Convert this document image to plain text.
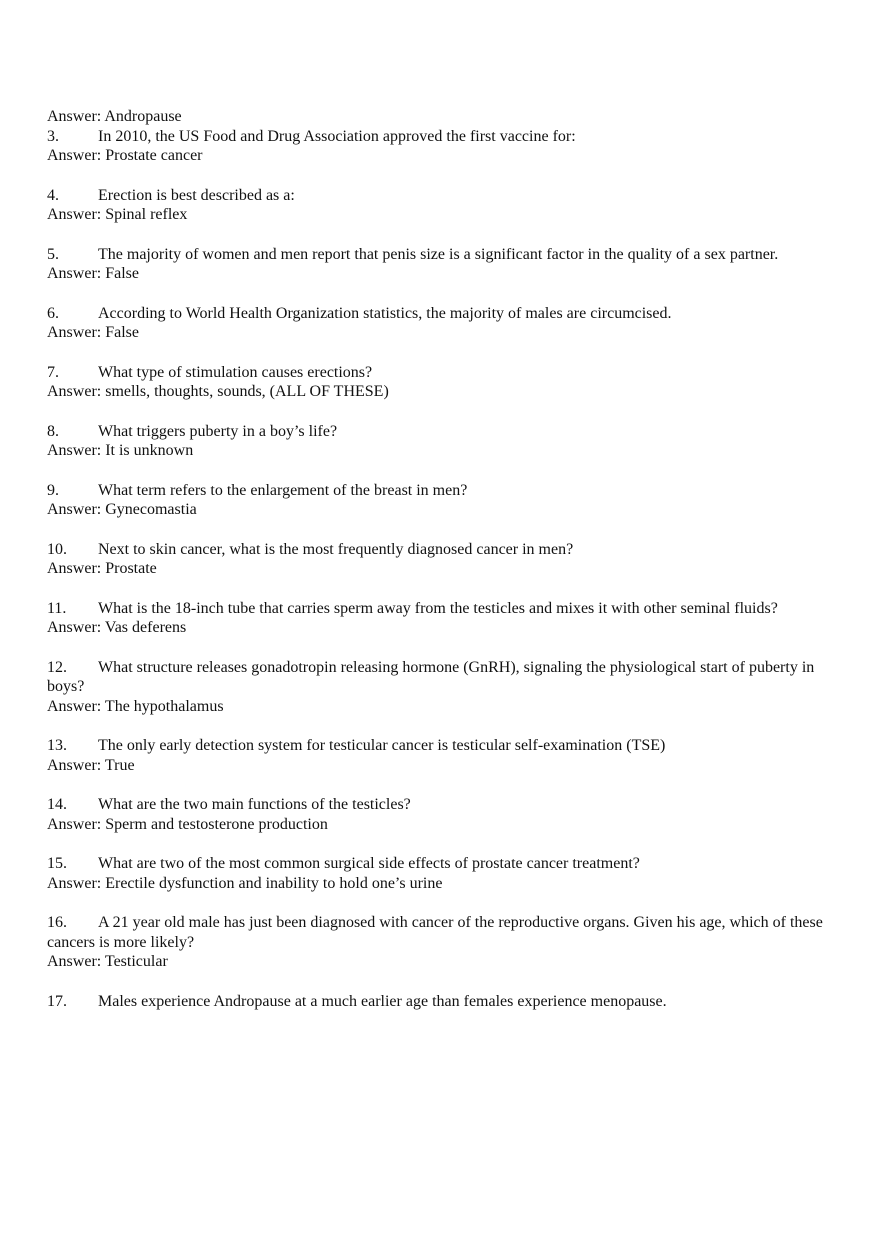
Answer: Andropause

3. In 2010, the US Food and Drug Association approved the first vaccine for:

Answer: Prostate cancer

4. Erection is best described as a:

Answer: Spinal reflex

5. The majority of women and men report that penis size is a significant factor in the quality of a sex partner.

Answer: False

6. According to World Health Organization statistics, the majority of males are circumcised.

Answer: False

7. What type of stimulation causes erections?

Answer: smells, thoughts, sounds, (ALL OF THESE)

8. What triggers puberty in a boy’s life?

Answer: It is unknown

9. What term refers to the enlargement of the breast in men?

Answer: Gynecomastia

10. Next to skin cancer, what is the most frequently diagnosed cancer in men?

Answer: Prostate

11. What is the 18-inch tube that carries sperm away from the testicles and mixes it with other seminal fluids?

Answer: Vas deferens

12. What structure releases gonadotropin releasing hormone (GnRH), signaling the physiological start of puberty in boys?

Answer: The hypothalamus

13. The only early detection system for testicular cancer is testicular self-examination (TSE)

Answer: True

14. What are the two main functions of the testicles?

Answer: Sperm and testosterone production

15. What are two of the most common surgical side effects of prostate cancer treatment?

Answer: Erectile dysfunction and inability to hold one’s urine

16. A 21 year old male has just been diagnosed with cancer of the reproductive organs. Given his age, which of these cancers is more likely?

Answer: Testicular

17. Males experience Andropause at a much earlier age than females experience menopause.
